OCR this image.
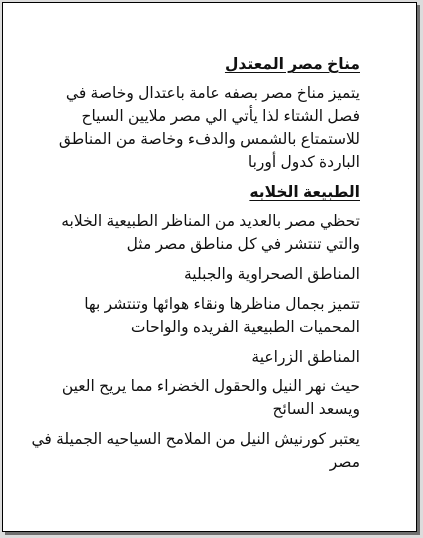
مناخ مصر المعتدل
يتميز مناخ مصر بصفه عامة باعتدال وخاصة في
فصل الشتاء لذا يأتي الي مصر ملايين السياح
للاستمتاع بالشمس والدفء وخاصة من المناطق
الباردة كدول أوربا
الطبيعة الخلابه
تحظي مصر بالعديد من المناظر الطبيعية الخلابه
والتي تنتشر في كل مناطق مصر مثل
المناطق الصحراوية والجبلية
تتميز بجمال مناظرها ونقاء هوائها وتنتشر بها
المحميات الطبيعية الفريده والواحات
المناطق الزراعية
حيث نهر النيل والحقول الخضراء مما يريح العين
ويسعد السائح
يعتبر كورنيش النيل من الملامح السياحيه الجميلة في
مصر
